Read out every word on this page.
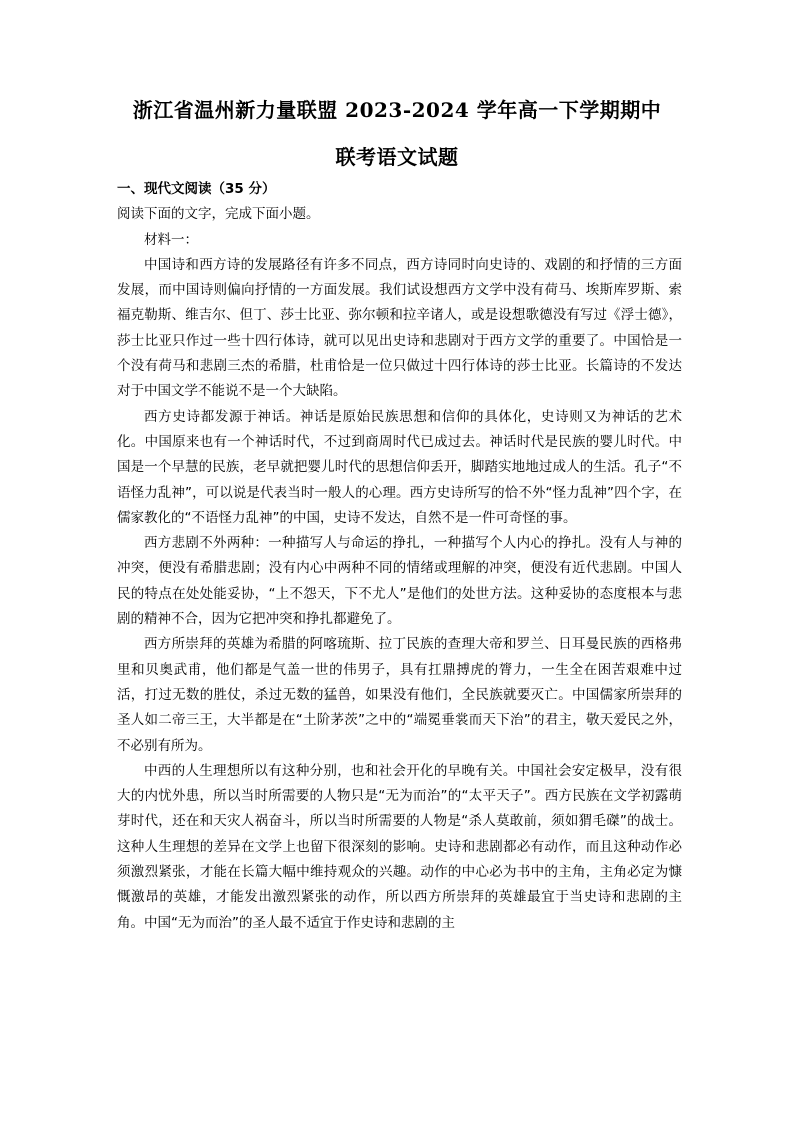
浙江省温州新力量联盟 2023-2024 学年高一下学期期中
联考语文试题

一、现代文阅读（35 分）

阅读下面的文字，完成下面小题。

材料一：

中国诗和西方诗的发展路径有许多不同点，西方诗同时向史诗的、戏剧的和抒情的三方面发展，而中国诗则偏向抒情的一方面发展。我们试设想西方文学中没有荷马、埃斯库罗斯、索福克勒斯、维吉尔、但丁、莎士比亚、弥尔顿和拉辛诸人，或是设想歌德没有写过《浮士德》，莎士比亚只作过一些十四行体诗，就可以见出史诗和悲剧对于西方文学的重要了。中国恰是一个没有荷马和悲剧三杰的希腊，杜甫恰是一位只做过十四行体诗的莎士比亚。长篇诗的不发达对于中国文学不能说不是一个大缺陷。

西方史诗都发源于神话。神话是原始民族思想和信仰的具体化，史诗则又为神话的艺术化。中国原来也有一个神话时代，不过到商周时代已成过去。神话时代是民族的婴儿时代。中国是一个早慧的民族，老早就把婴儿时代的思想信仰丢开，脚踏实地地过成人的生活。孔子“不语怪力乱神”，可以说是代表当时一般人的心理。西方史诗所写的恰不外“怪力乱神”四个字，在儒家教化的“不语怪力乱神”的中国，史诗不发达，自然不是一件可奇怪的事。

西方悲剧不外两种：一种描写人与命运的挣扎，一种描写个人内心的挣扎。没有人与神的冲突，便没有希腊悲剧；没有内心中两种不同的情绪或理解的冲突，便没有近代悲剧。中国人民的特点在处处能妥协，“上不怨天，下不尤人”是他们的处世方法。这种妥协的态度根本与悲剧的精神不合，因为它把冲突和挣扎都避免了。

西方所崇拜的英雄为希腊的阿喀琉斯、拉丁民族的查理大帝和罗兰、日耳曼民族的西格弗里和贝奥武甫，他们都是气盖一世的伟男子，具有扛鼎搏虎的膂力，一生全在困苦艰难中过活，打过无数的胜仗，杀过无数的猛兽，如果没有他们，全民族就要灭亡。中国儒家所崇拜的圣人如二帝三王，大半都是在“土阶茅茨”之中的“端冕垂裳而天下治”的君主，敬天爱民之外，不必别有所为。

中西的人生理想所以有这种分别，也和社会开化的早晚有关。中国社会安定极早，没有很大的内忧外患，所以当时所需要的人物只是“无为而治”的“太平天子”。西方民族在文学初露萌芽时代，还在和天灾人祸奋斗，所以当时所需要的人物是“杀人莫敢前，须如猬毛磔”的战士。这种人生理想的差异在文学上也留下很深刻的影响。史诗和悲剧都必有动作，而且这种动作必须激烈紧张，才能在长篇大幅中维持观众的兴趣。动作的中心必为书中的主角，主角必定为慷慨激昂的英雄，才能发出激烈紧张的动作，所以西方所崇拜的英雄最宜于当史诗和悲剧的主角。中国“无为而治”的圣人最不适宜于作史诗和悲剧的主
